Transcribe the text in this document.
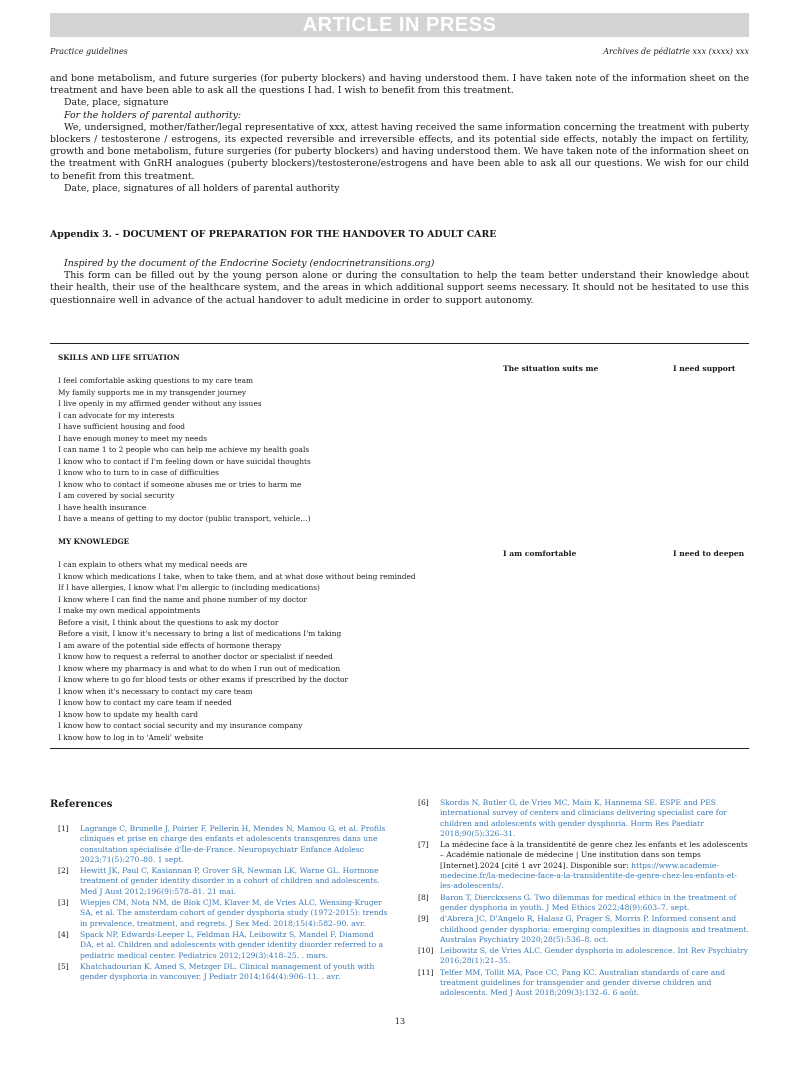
ARTICLE IN PRESS
Practice guidelines	Archives de pédiatrie xxx (xxxx) xxx

and bone metabolism, and future surgeries (for puberty blockers) and having understood them. I have taken note of the information sheet on the treatment and have been able to ask all the questions I had. I wish to benefit from this treatment.

Date, place, signature

For the holders of parental authority:

We, undersigned, mother/father/legal representative of xxx, attest having received the same information concerning the treatment with puberty blockers / testosterone / estrogens, its expected reversible and irreversible effects, and its potential side effects, notably the impact on fertility, growth and bone metabolism, future surgeries (for puberty blockers) and having understood them. We have taken note of the information sheet on the treatment with GnRH analogues (puberty blockers)/testosterone/estrogens and have been able to ask all our questions. We wish for our child to benefit from this treatment.

Date, place, signatures of all holders of parental authority

Appendix 3. - DOCUMENT OF PREPARATION FOR THE HANDOVER TO ADULT CARE

Inspired by the document of the Endocrine Society (endocrinetransitions.org)

This form can be filled out by the young person alone or during the consultation to help the team better understand their knowledge about their health, their use of the healthcare system, and the areas in which additional support seems necessary. It should not be hesitated to use this questionnaire well in advance of the actual handover to adult medicine in order to support autonomy.

SKILLS AND LIFE SITUATION
The situation suits me	I need support
I feel comfortable asking questions to my care team
My family supports me in my transgender journey
I live openly in my affirmed gender without any issues
I can advocate for my interests
I have sufficient housing and food
I have enough money to meet my needs
I can name 1 to 2 people who can help me achieve my health goals
I know who to contact if I'm feeling down or have suicidal thoughts
I know who to turn to in case of difficulties
I know who to contact if someone abuses me or tries to harm me
I am covered by social security
I have health insurance
I have a means of getting to my doctor (public transport, vehicle…)
MY KNOWLEDGE
I am comfortable	I need to deepen
I can explain to others what my medical needs are
I know which medications I take, when to take them, and at what dose without being reminded
If I have allergies, I know what I'm allergic to (including medications)
I know where I can find the name and phone number of my doctor
I make my own medical appointments
Before a visit, I think about the questions to ask my doctor
Before a visit, I know it's necessary to bring a list of medications I'm taking
I am aware of the potential side effects of hormone therapy
I know how to request a referral to another doctor or specialist if needed
I know where my pharmacy is and what to do when I run out of medication
I know where to go for blood tests or other exams if prescribed by the doctor
I know when it's necessary to contact my care team
I know how to contact my care team if needed
I know how to update my health card
I know how to contact social security and my insurance company
I know how to log in to 'Ameli' website
References
[1]	Lagrange C, Brunelle J, Poirier F, Pellerin H, Mendes N, Mamou G, et al. Profils cliniques et prise en charge des enfants et adolescents transgenres dans une consultation spécialisée d'Île-de-France. Neuropsychiatr Enfance Adolesc 2023;71(5):270–80. 1 sept.
[2]	Hewitt JK, Paul C, Kasiannan P, Grover SR, Newman LK, Warne GL. Hormone treatment of gender identity disorder in a cohort of children and adolescents. Med J Aust 2012;196(9):578–81. 21 mai.
[3]	Wiepjes CM, Nota NM, de Blok CJM, Klaver M, de Vries ALC, Wensing-Kruger SA, et al. The amsterdam cohort of gender dysphoria study (1972-2015): trends in prevalence, treatment, and regrets. J Sex Med. 2018;15(4):582–90. avr.
[4]	Spack NP, Edwards-Leeper L, Feldman HA, Leibowitz S, Mandel F, Diamond DA, et al. Children and adolescents with gender identity disorder referred to a pediatric medical center. Pediatrics 2012;129(3):418–25. . mars.
[5]	Khatchadourian K, Amed S, Metzger DL. Clinical management of youth with gender dysphoria in vancouver. J Pediatr 2014;164(4):906–11. . avr.
[6]	Skordis N, Butler G, de Vries MC, Main K, Hannema SE. ESPE and PES international survey of centers and clinicians delivering specialist care for children and adolescents with gender dysphoria. Horm Res Paediatr 2018;90(5):326–31.
[7]	La médecine face à la transidentité de genre chez les enfants et les adolescents – Académie nationale de médecine | Une institution dans son temps [Internet].2024 [cité 1 avr 2024]. Disponible sur: https://www.academie-medecine.fr/la-medecine-face-a-la-transidentite-de-genre-chez-les-enfants-et-les-adolescents/.
[8]	Baron T, Dierckxsens G. Two dilemmas for medical ethics in the treatment of gender dysphoria in youth. J Med Ethics 2022;48(9):603–7. sept.
[9]	d'Abrera JC, D'Angelo R, Halasz G, Prager S, Morris P. Informed consent and childhood gender dysphoria: emerging complexities in diagnosis and treatment. Australas Psychiatry 2020;28(5):536–8. oct.
[10] Leibowitz S, de Vries ALC. Gender dysphoria in adolescence. Int Rev Psychiatry 2016;28(1):21–35.
[11] Telfer MM, Tollit MA, Pace CC, Pang KC. Australian standards of care and treatment guidelines for transgender and gender diverse children and adolescents. Med J Aust 2018;209(3):132–6. 6 août.
13
